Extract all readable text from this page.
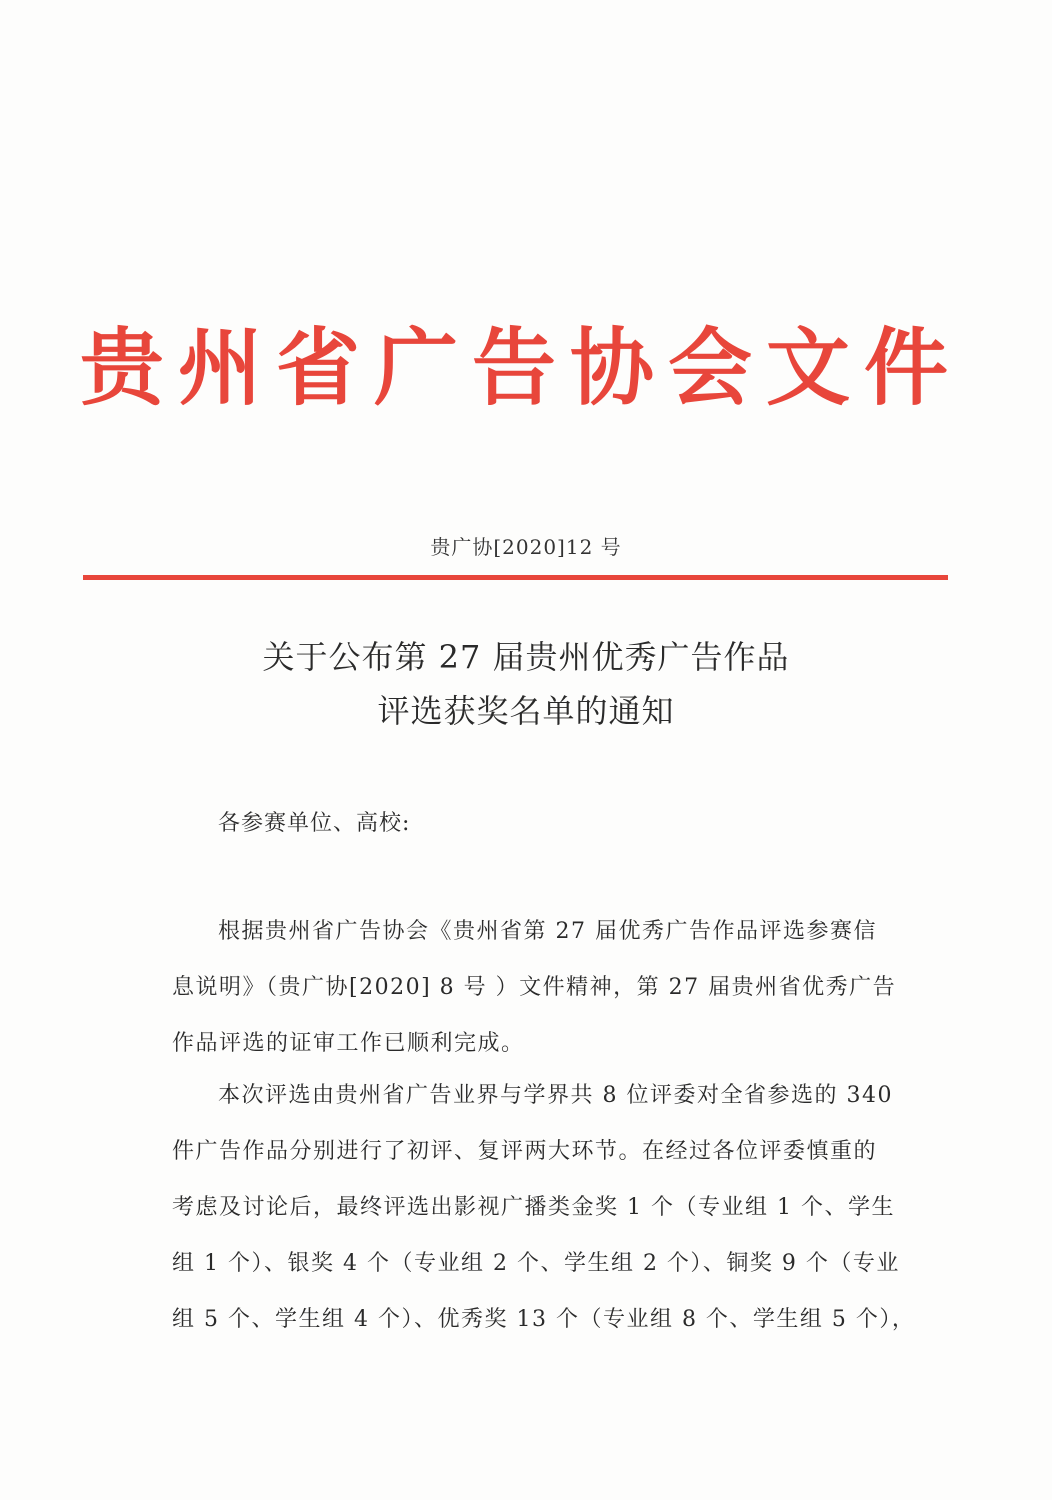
贵州省广告协会文件
贵广协[2020]12 号
关于公布第 27 届贵州优秀广告作品
评选获奖名单的通知
各参赛单位、高校:
根据贵州省广告协会《贵州省第 27 届优秀广告作品评选参赛信
息说明》（贵广协[2020] 8 号 ）文件精神，第 27 届贵州省优秀广告
作品评选的证审工作已顺利完成。
本次评选由贵州省广告业界与学界共 8 位评委对全省参选的 340
件广告作品分别进行了初评、复评两大环节。在经过各位评委慎重的
考虑及讨论后，最终评选出影视广播类金奖 1 个（专业组 1 个、学生
组 1 个）、银奖 4 个（专业组 2 个、学生组 2 个）、铜奖 9 个（专业
组 5 个、学生组 4 个）、优秀奖 13 个（专业组 8 个、学生组 5 个），
